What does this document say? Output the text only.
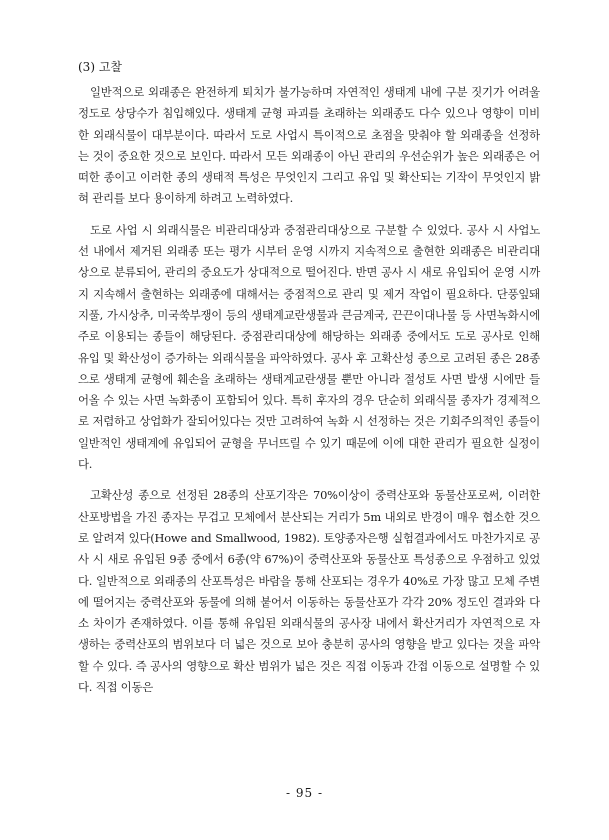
(3) 고찰

일반적으로 외래종은 완전하게 퇴치가 불가능하며 자연적인 생태계 내에 구분 짓기가 어려울 정도로 상당수가 침입해있다. 생태계 균형 파괴를 초래하는 외래종도 다수 있으나 영향이 미비한 외래식물이 대부분이다. 따라서 도로 사업시 특이적으로 초점을 맞춰야 할 외래종을 선정하는 것이 중요한 것으로 보인다. 따라서 모든 외래종이 아닌 관리의 우선순위가 높은 외래종은 어떠한 종이고 이러한 종의 생태적 특성은 무엇인지 그리고 유입 및 확산되는 기작이 무엇인지 밝혀 관리를 보다 용이하게 하려고 노력하였다.

도로 사업 시 외래식물은 비관리대상과 중점관리대상으로 구분할 수 있었다. 공사 시 사업노선 내에서 제거된 외래종 또는 평가 시부터 운영 시까지 지속적으로 출현한 외래종은 비관리대상으로 분류되어, 관리의 중요도가 상대적으로 떨어진다. 반면 공사 시 새로 유입되어 운영 시까지 지속해서 출현하는 외래종에 대해서는 중점적으로 관리 및 제거 작업이 필요하다. 단풍잎돼지풀, 가시상추, 미국쑥부쟁이 등의 생태계교란생물과 큰금계국, 끈끈이대나물 등 사면녹화시에 주로 이용되는 종들이 해당된다. 중점관리대상에 해당하는 외래종 중에서도 도로 공사로 인해 유입 및 확산성이 증가하는 외래식물을 파악하였다. 공사 후 고확산성 종으로 고려된 종은 28종으로 생태계 균형에 훼손을 초래하는 생태계교란생물 뿐만 아니라 절성토 사면 발생 시에만 들어올 수 있는 사면 녹화종이 포함되어 있다. 특히 후자의 경우 단순히 외래식물 종자가 경제적으로 저렴하고 상업화가 잘되어있다는 것만 고려하여 녹화 시 선정하는 것은 기회주의적인 종들이 일반적인 생태계에 유입되어 균형을 무너뜨릴 수 있기 때문에 이에 대한 관리가 필요한 실정이다.

고확산성 종으로 선정된 28종의 산포기작은 70%이상이 중력산포와 동물산포로써, 이러한 산포방법을 가진 종자는 무겁고 모체에서 분산되는 거리가 5m 내외로 반경이 매우 협소한 것으로 알려져 있다(Howe and Smallwood, 1982). 토양종자은행 실험결과에서도 마찬가지로 공사 시 새로 유입된 9종 중에서 6종(약 67%)이 중력산포와 동물산포 특성종으로 우점하고 있었다. 일반적으로 외래종의 산포특성은 바람을 통해 산포되는 경우가 40%로 가장 많고 모체 주변에 떨어지는 중력산포와 동물에 의해 붙어서 이동하는 동물산포가 각각 20% 정도인 결과와 다소 차이가 존재하였다. 이를 통해 유입된 외래식물의 공사장 내에서 확산거리가 자연적으로 자생하는 중력산포의 범위보다 더 넓은 것으로 보아 충분히 공사의 영향을 받고 있다는 것을 파악할 수 있다. 즉 공사의 영향으로 확산 범위가 넓은 것은 직접 이동과 간접 이동으로 설명할 수 있다. 직접 이동은

- 95 -
